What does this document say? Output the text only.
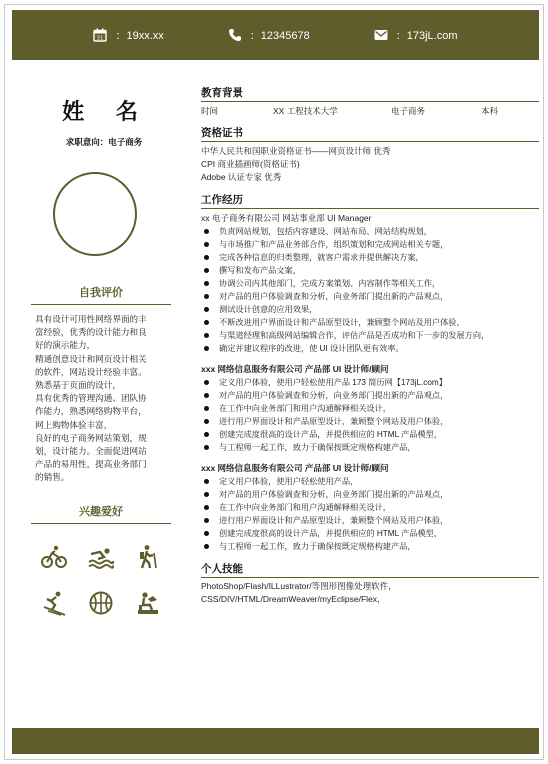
31 ：19xx.xx	：12345678	：173jL.com
姓 名
求职意向：电子商务
自我评价
具有设计可用性网络界面的丰
富经验，优秀的设计能力和良
好的演示能力，
精通创意设计和网页设计相关
的软件，网站设计经验丰富。
熟悉基于页面的设计，
具有优秀的管理沟通、团队协
作能力，熟悉网络购物平台，
网上购物体验丰富，
良好的电子商务网站策划，规
划，设计能力。全面促进网站
产品的易用性，提高业务部门
的销售。
兴趣爱好
教育背景
时间	XX 工程技术大学	电子商务	本科
资格证书
中华人民共和国职业资格证书——网页设计师 优秀
CPI 商业插画师(资格证书)
Adobe 认证专家 优秀
工作经历
xx 电子商务有限公司 网站事业部 UI Manager
负责网站规划，包括内容建设、网站布局、网站结构规划，
与市场推广和产品业务部合作，组织策划和完成网站相关专题，
完成各种信息的归类整理，就客户需求并提供解决方案，
撰写和发布产品文案，
协调公司内其他部门，完成方案策划、内容制作等相关工作，
对产品的用户体验调查和分析，向业务部门提出新的产品观点，
测试设计创意的应用效果，
不断改进用户界面设计和产品原型设计，兼顾整个网站及用户体验，
与渠道经理和高级网站编辑合作，评估产品是否成功和下一步的发展方向，
确定并建议程序的改进，使 UI 设计团队更有效率。
xxx 网络信息服务有限公司 产品部 UI 设计师/顾问
定义用户体验，使用户轻松使用产品 173 简历网【173jL.com】
对产品的用户体验调查和分析，向业务部门提出新的产品观点，
在工作中向业务部门和用户沟通解释相关设计，
进行用户界面设计和产品原型设计，兼顾整个网站及用户体验，
创建完成度很高的设计产品，并提供相应的 HTML 产品模型，
与工程师一起工作，致力于确保按既定规格构建产品，
xxx 网络信息服务有限公司 产品部 UI 设计师/顾问
定义用户体验，使用户轻松使用产品，
对产品的用户体验调查和分析，向业务部门提出新的产品观点，
在工作中向业务部门和用户沟通解释相关设计，
进行用户界面设计和产品原型设计，兼顾整个网站及用户体验，
创建完成度很高的设计产品，并提供相应的 HTML 产品模型，
与工程师一起工作，致力于确保按既定规格构建产品，
个人技能
PhotoShop/Flash/ILLustrator/等图形图像处理软件，
CSS/DIV/HTML/DreamWeaver/myEclipse/Flex，
